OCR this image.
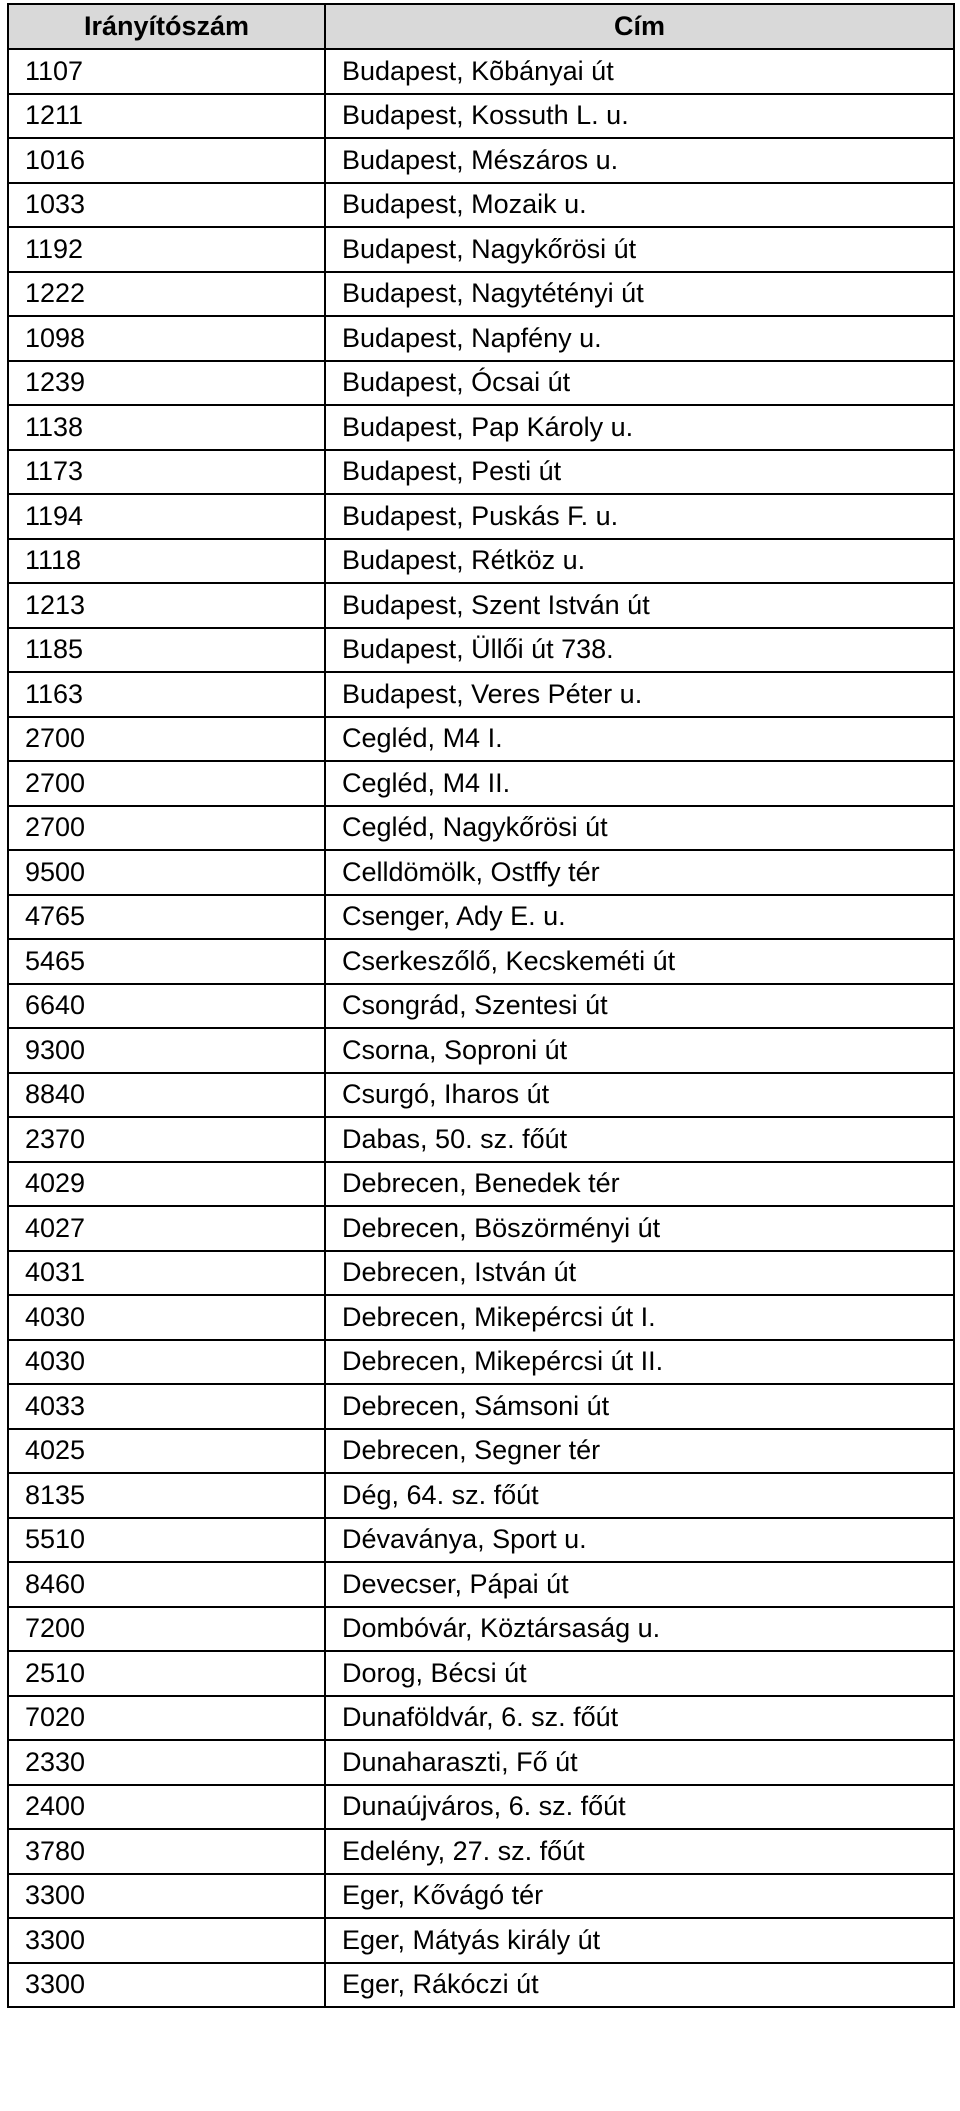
Irányítószám	Cím
1107	Budapest, Kõbányai út
1211	Budapest, Kossuth L. u.
1016	Budapest, Mészáros u.
1033	Budapest, Mozaik u.
1192	Budapest, Nagykőrösi út
1222	Budapest, Nagytétényi út
1098	Budapest, Napfény u.
1239	Budapest, Ócsai út
1138	Budapest, Pap Károly u.
1173	Budapest, Pesti út
1194	Budapest, Puskás F. u.
1118	Budapest, Rétköz u.
1213	Budapest, Szent István út
1185	Budapest, Üllői út 738.
1163	Budapest, Veres Péter u.
2700	Cegléd, M4 I.
2700	Cegléd, M4 II.
2700	Cegléd, Nagykőrösi út
9500	Celldömölk, Ostffy tér
4765	Csenger, Ady E. u.
5465	Cserkeszőlő, Kecskeméti út
6640	Csongrád, Szentesi út
9300	Csorna, Soproni út
8840	Csurgó, Iharos út
2370	Dabas, 50. sz. főút
4029	Debrecen, Benedek tér
4027	Debrecen, Böszörményi út
4031	Debrecen, István út
4030	Debrecen, Mikepércsi út I.
4030	Debrecen, Mikepércsi út II.
4033	Debrecen, Sámsoni út
4025	Debrecen, Segner tér
8135	Dég, 64. sz. főút
5510	Dévaványa, Sport u.
8460	Devecser, Pápai út
7200	Dombóvár, Köztársaság u.
2510	Dorog, Bécsi út
7020	Dunaföldvár, 6. sz. főút
2330	Dunaharaszti, Fő út
2400	Dunaújváros, 6. sz. főút
3780	Edelény, 27. sz. főút
3300	Eger, Kővágó tér
3300	Eger, Mátyás király út
3300	Eger, Rákóczi út
